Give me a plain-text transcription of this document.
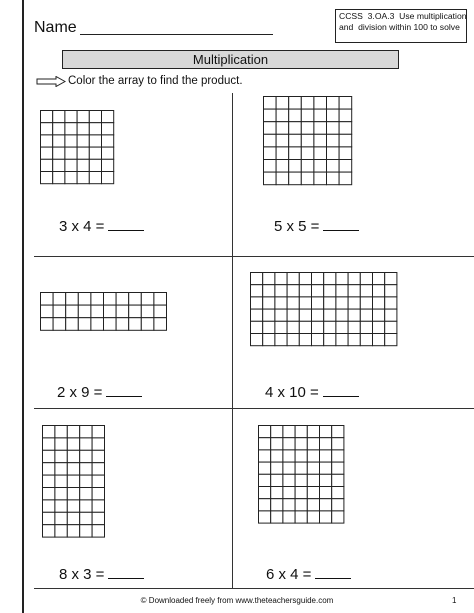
Name
CCSS  3.OA.3  Use multiplication
and  division within 100 to solve
Multiplication
Color the array to find the product.
3 x 4 =	5 x 5 =
2 x 9 =	4 x 10 =
8 x 3 =	6 x 4 =
© Downloaded freely from www.theteachersguide.com	1
